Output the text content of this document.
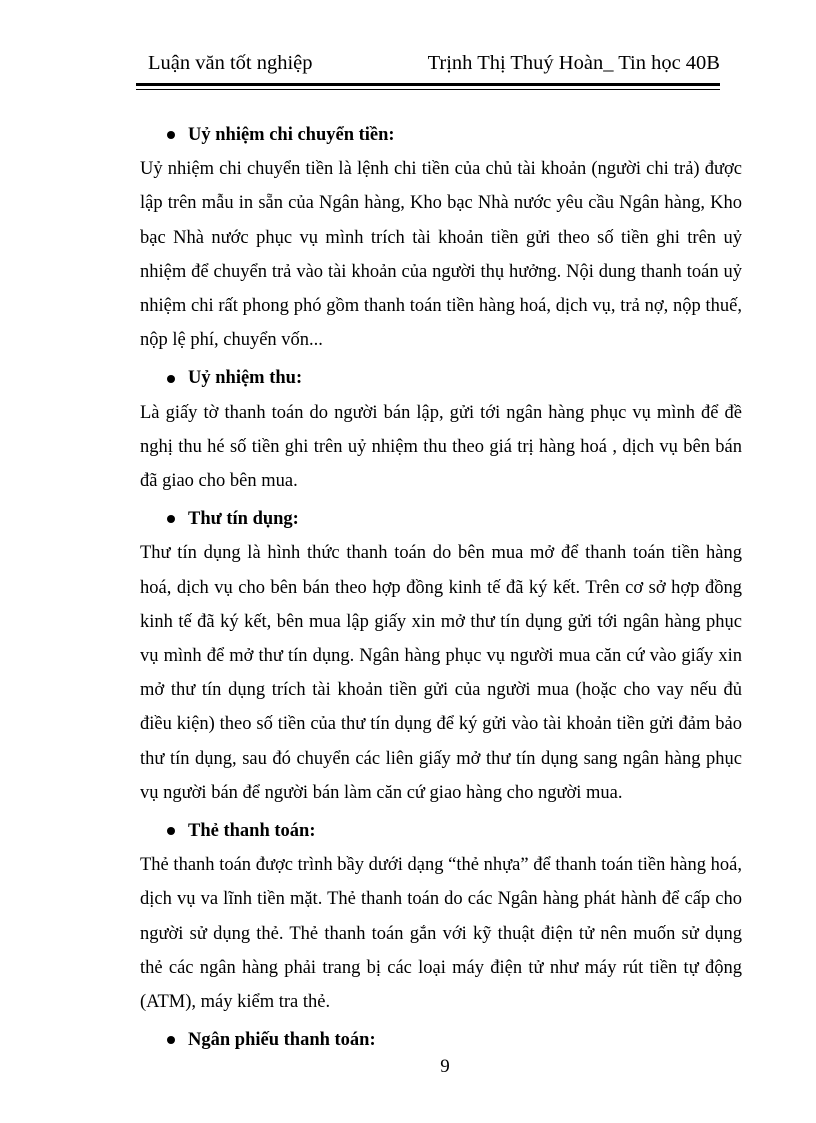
Luận văn tốt nghiệp	Trịnh Thị Thuý Hoàn_ Tin học 40B
Uỷ nhiệm chi chuyển tiền:

Uỷ nhiệm chi chuyển tiền là lệnh chi tiền của chủ tài khoản (người chi trả) được lập trên mẫu in sẵn của Ngân hàng, Kho bạc Nhà nước yêu cầu Ngân hàng, Kho bạc Nhà nước phục vụ mình trích tài khoản tiền gửi theo số tiền ghi trên uỷ nhiệm để chuyển trả vào tài khoản của người thụ hưởng. Nội dung thanh toán uỷ nhiệm chi rất phong phó gồm thanh toán tiền hàng hoá, dịch vụ, trả nợ, nộp thuế, nộp lệ phí, chuyển vốn...

Uỷ nhiệm thu:

Là giấy tờ thanh toán do người bán lập, gửi tới ngân hàng phục vụ mình để đề nghị thu hé số tiền ghi trên uỷ nhiệm thu theo giá trị hàng hoá , dịch vụ bên bán đã giao cho bên mua.

Thư tín dụng:

Thư tín dụng là hình thức thanh toán do bên mua mở để thanh toán tiền hàng hoá, dịch vụ cho bên bán theo hợp đồng kinh tế đã ký kết. Trên cơ sở hợp đồng kinh tế đã ký kết, bên mua lập giấy xin mở thư tín dụng gửi tới ngân hàng phục vụ mình để mở thư tín dụng. Ngân hàng phục vụ người mua căn cứ vào giấy xin mở thư tín dụng trích tài khoản tiền gửi của người mua (hoặc cho vay nếu đủ điều kiện) theo số tiền của thư tín dụng để ký gửi vào tài khoản tiền gửi đảm bảo thư tín dụng, sau đó chuyển các liên giấy mở thư tín dụng sang ngân hàng phục vụ người bán để người bán làm căn cứ giao hàng cho người mua.

Thẻ thanh toán:

Thẻ thanh toán được trình bầy dưới dạng “thẻ nhựa” để thanh toán tiền hàng hoá, dịch vụ va lĩnh tiền mặt. Thẻ thanh toán do các Ngân hàng phát hành để cấp cho người sử dụng thẻ. Thẻ thanh toán gắn với kỹ thuật điện tử nên muốn sử dụng thẻ các ngân hàng phải trang bị các loại máy điện tử như máy rút tiền tự động (ATM), máy kiểm tra thẻ.

Ngân phiếu thanh toán:
9
